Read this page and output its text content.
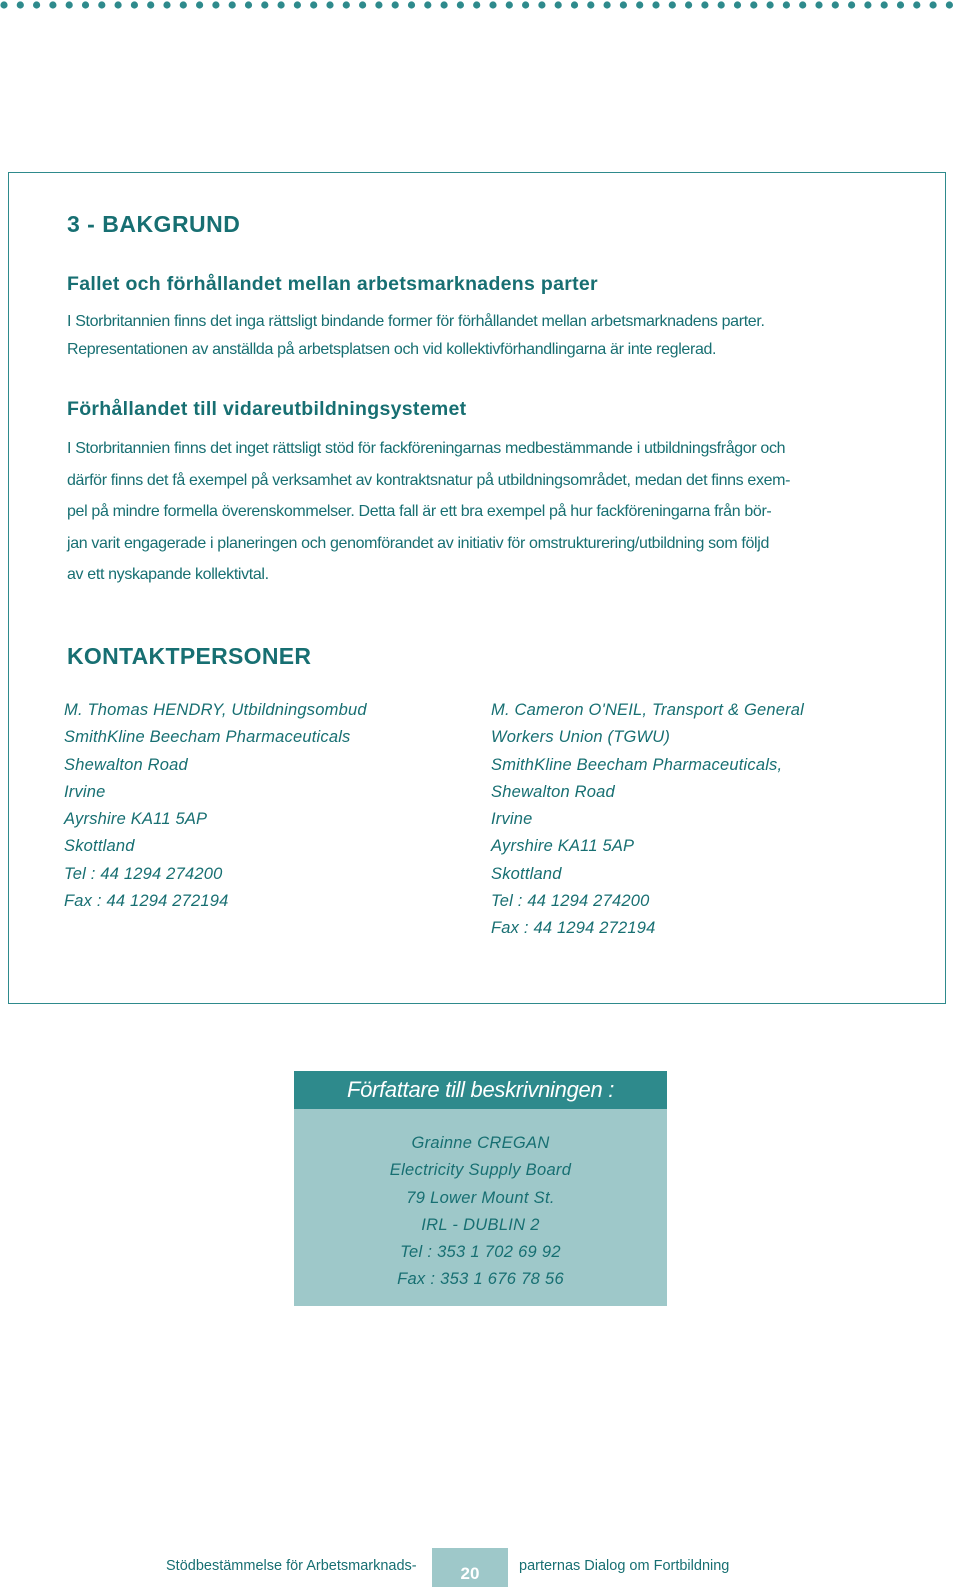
3 - BAKGRUND
Fallet och förhållandet mellan arbetsmarknadens parter

I Storbritannien finns det inga rättsligt bindande former för förhållandet mellan arbetsmarknadens parter.
Representationen av anställda på arbetsplatsen och vid kollektivförhandlingarna är inte reglerad.

Förhållandet till vidareutbildningsystemet

I Storbritannien finns det inget rättsligt stöd för fackföreningarnas medbestämmande i utbildningsfrågor och
därför finns det få exempel på verksamhet av kontraktsnatur på utbildningsområdet, medan det finns exem-
pel på mindre formella överenskommelser. Detta fall är ett bra exempel på hur fackföreningarna från bör-
jan varit engagerade i planeringen och genomförandet av initiativ för omstrukturering/utbildning som följd
av ett nyskapande kollektivtal.

KONTAKTPERSONER
M. Thomas HENDRY, Utbildningsombud
SmithKline Beecham Pharmaceuticals
Shewalton Road
Irvine
Ayrshire KA11 5AP
Skottland
Tel : 44 1294 274200
Fax : 44 1294 272194
M. Cameron O'NEIL, Transport & General
Workers Union (TGWU)
SmithKline Beecham Pharmaceuticals,
Shewalton Road
Irvine
Ayrshire KA11 5AP
Skottland
Tel : 44 1294 274200
Fax : 44 1294 272194
Författare till beskrivningen :
Grainne CREGAN
Electricity Supply Board
79 Lower Mount St.
IRL - DUBLIN 2
Tel : 353 1 702 69 92
Fax : 353 1 676 78 56
Stödbestämmelse för Arbetsmarknads-	20	parternas Dialog om Fortbildning
